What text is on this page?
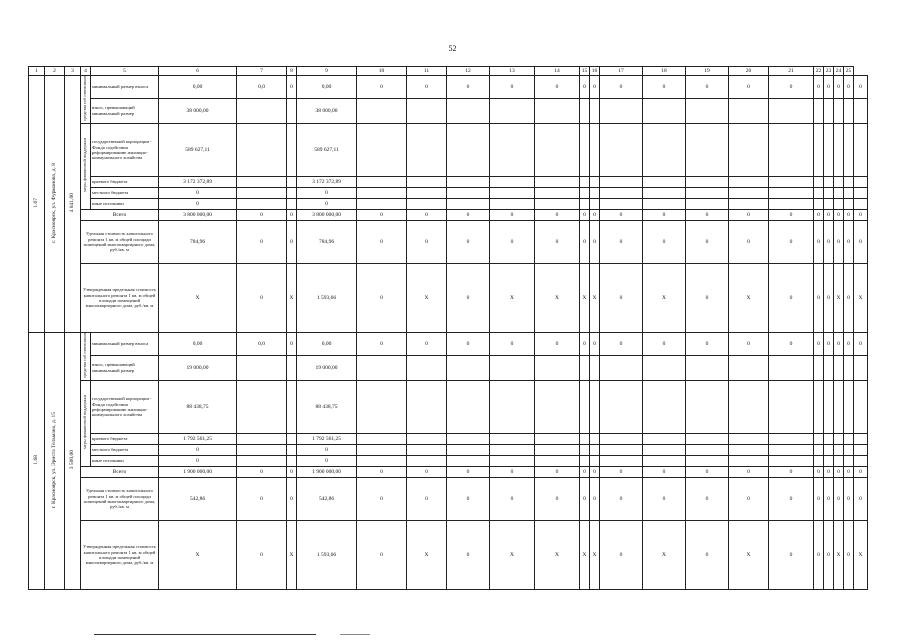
52
1	2	3	4	5	6	7	8	9	10	11	12	13	14	15	16	17	18	19	20	21	22	23	24	25	
1.67	г. Красноярск, ул. Фурманова, д. 8	4 841,00	средства соб ственников	минимальный размер взноса	0,00	0,0	0	0,00	0	0	0	0	0	0	0	0	0	0	0	0	0	0	0	0	0
				взнос, превышающий минимальный размер	38 000,00			38 000,00																	
			меры финансовой поддержки	государственной корпорации - Фонда содействия реформированию жилищно-коммунального хозяйства	589 627,11			589 627,11																	
				краевого бюджета	3 172 372,89			3 172 372,89																	
				местного бюджета	0			0																	
				иные источники	0			0																	
			Всего		3 800 000,00	0	0	3 800 000,00	0	0	0	0	0	0	0	0	0	0	0	0	0	0	0	0	0
			Удельная стоимость капитального ремонта 1 кв. м общей площади помещений многоквартирного дома, руб./кв. м		784,96	0	0	784,96	0	0	0	0	0	0	0	0	0	0	0	0	0	0	0	0	0
			Утвержденная предельная стоимость капитального ремонта 1 кв. м общей площади помещений многоквартирного дома, руб./кв. м		X	0	X	1 593,66	0	X	0	X	X	X	X	0	X	0	X	0	0	0	X	0	X
1.68	г. Красноярск, ул. Эрнста Тельмана, д. 15	3 500,00	средства соб ственников	минимальный размер взноса	0,00	0,0	0	0,00	0	0	0	0	0	0	0	0	0	0	0	0	0	0	0	0	0
				взнос, превышающий минимальный размер	19 000,00			19 000,00																	
			меры финансовой поддержки	государственной корпорации - Фонда содействия реформированию жилищно-коммунального хозяйства	88 438,75			88 438,75																	
				краевого бюджета	1 792 561,25			1 792 561,25																	
				местного бюджета	0			0																	
				иные источники	0			0																	
			Всего		1 900 000,00	0	0	1 900 000,00	0	0	0	0	0	0	0	0	0	0	0	0	0	0	0	0	0
			Удельная стоимость капитального ремонта 1 кв. м общей площади помещений многоквартирного дома, руб./кв. м		542,86	0	0	542,86	0	0	0	0	0	0	0	0	0	0	0	0	0	0	0	0	0
			Утвержденная предельная стоимость капитального ремонта 1 кв. м общей площади помещений многоквартирного дома, руб./кв. м		X	0	X	1 593,66	0	X	0	X	X	X	X	0	X	0	X	0	0	0	X	0	X
